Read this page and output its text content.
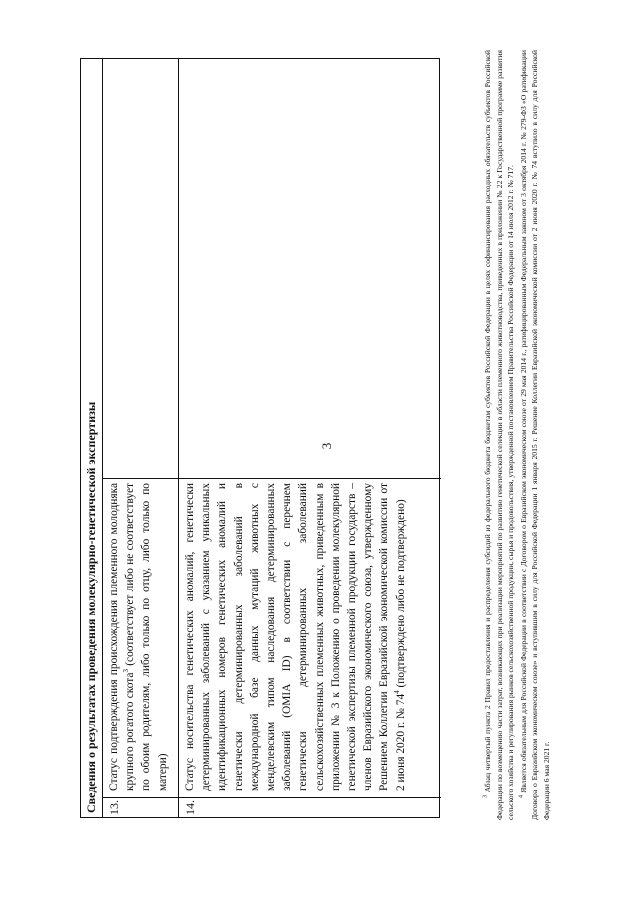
3
Сведения о результатах проведения молекулярно-генетической экспертизы 13.
Статус подтверждения происхождения племенного молодняка крупного рогатого скота$^3$ (соответствует либо не соответствует по обоим родителям, либо только по отцу, либо только по матери)
14.
Статус носительства генетических аномалий, генетически детерминированных заболеваний с указанием уникальных идентификационных номеров генетических аномалий и генетически детерминированных заболеваний в международной базе данных мутаций животных с менделевским типом наследования детерминированных заболеваний (OMIA ID) в соответствии с перечнем генетически детерминированных заболеваний сельскохозяйственных племенных животных, приведенным в приложении № 3 к Положению о проведении молекулярной генетической экспертизы племенной продукции государств – членов Евразийского экономического союза, утвержденному Решением Коллегии Евразийской экономической комиссии от 2 июня 2020 г. № $74^4$ (подтверждено либо не подтверждено)

$^3$ Абзац четвертый пункта 2 Правил предоставления и распределения субсидий из федерального бюджета бюджетам субъектов Российской Федерации в целях софинансирования расходных обязательств субъектов Российской Федерации по возмещению части затрат, возникающих при реализации мероприятий по развитию генетической селекции в области племенного животноводства, приведенных в приложении № 22 к Государственной программе развития сельского хозяйства и регулирования рынков сельскохозяйственной продукции, сырья и продовольствия, утвержденной постановлением Правительства Российской Федерации от 14 июля 2012 г. № 717. $^4$ Является обязательным для Российской Федерации в соответствии с Договором о Евразийском экономическом союзе от 29 мая 2014 г., ратифицированным Федеральным законом от 3 октября 2014 г. № 279-ФЗ «О ратификации Договора о Евразийском экономическом союзе» и вступившим в силу для Российской Федерации 1 января 2015 г. Решение Коллегии Евразийской экономической комиссии от 2 июня 2020 г. № 74 вступило в силу для Российской Федерации 6 мая 2021 г.
